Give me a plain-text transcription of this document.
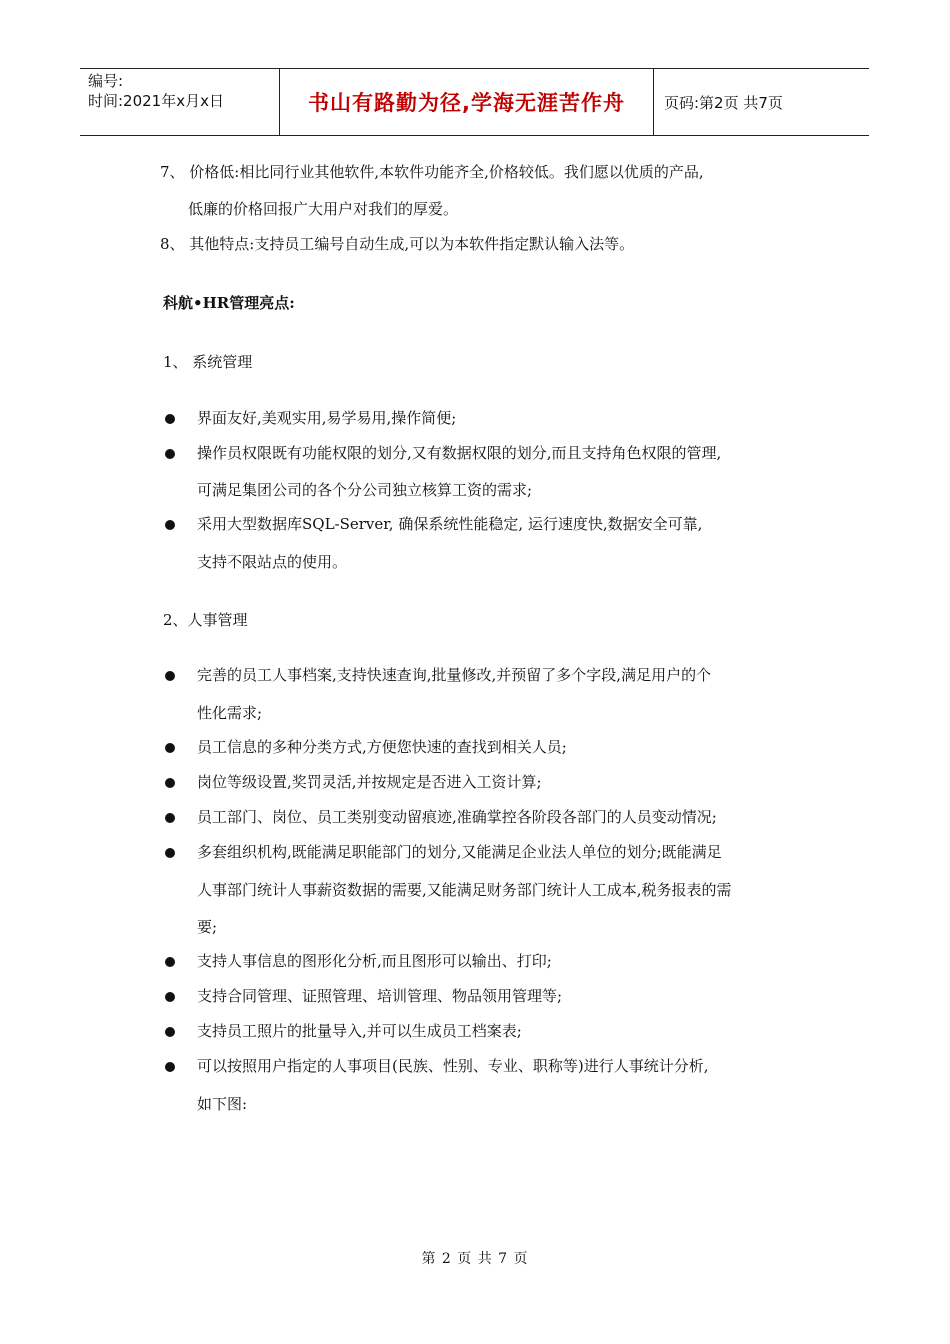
编号:
时间:2021年x月x日	书山有路勤为径,学海无涯苦作舟	页码:第2页 共7页
7、 价格低:相比同行业其他软件,本软件功能齐全,价格较低。我们愿以优质的产品,
低廉的价格回报广大用户对我们的厚爱。
8、 其他特点:支持员工编号自动生成,可以为本软件指定默认输入法等。
科航•HR管理亮点:
1、 系统管理
界面友好,美观实用,易学易用,操作简便;
操作员权限既有功能权限的划分,又有数据权限的划分,而且支持角色权限的管理,
可满足集团公司的各个分公司独立核算工资的需求;
采用大型数据库SQL-Server, 确保系统性能稳定, 运行速度快,数据安全可靠,
支持不限站点的使用。
2、人事管理
完善的员工人事档案,支持快速查询,批量修改,并预留了多个字段,满足用户的个
性化需求;
员工信息的多种分类方式,方便您快速的查找到相关人员;
岗位等级设置,奖罚灵活,并按规定是否进入工资计算;
员工部门、岗位、员工类别变动留痕迹,准确掌控各阶段各部门的人员变动情况;
多套组织机构,既能满足职能部门的划分,又能满足企业法人单位的划分;既能满足
人事部门统计人事薪资数据的需要,又能满足财务部门统计人工成本,税务报表的需
要;
支持人事信息的图形化分析,而且图形可以输出、打印;
支持合同管理、证照管理、培训管理、物品领用管理等;
支持员工照片的批量导入,并可以生成员工档案表;
可以按照用户指定的人事项目(民族、性别、专业、职称等)进行人事统计分析,
如下图:
第 2 页 共 7 页
